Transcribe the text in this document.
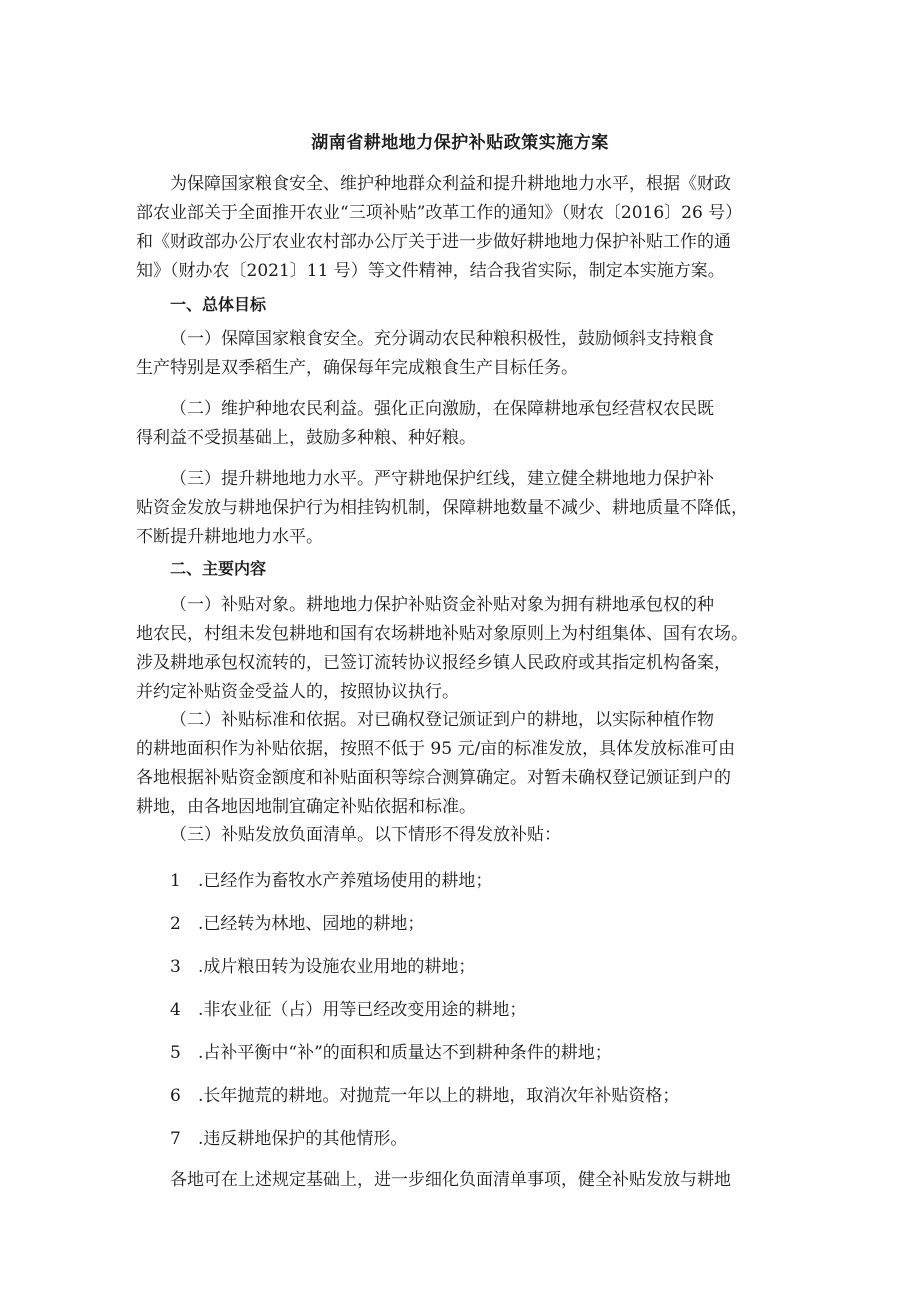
湖南省耕地地力保护补贴政策实施方案
为保障国家粮食安全、维护种地群众利益和提升耕地地力水平，根据《财政
部农业部关于全面推开农业“三项补贴”改革工作的通知》（财农〔2016〕26 号）
和《财政部办公厅农业农村部办公厅关于进一步做好耕地地力保护补贴工作的通
知》（财办农〔2021〕11 号）等文件精神，结合我省实际，制定本实施方案。
一、总体目标
（一）保障国家粮食安全。充分调动农民种粮积极性，鼓励倾斜支持粮食
生产特别是双季稻生产，确保每年完成粮食生产目标任务。
（二）维护种地农民利益。强化正向激励，在保障耕地承包经营权农民既
得利益不受损基础上，鼓励多种粮、种好粮。
（三）提升耕地地力水平。严守耕地保护红线，建立健全耕地地力保护补
贴资金发放与耕地保护行为相挂钩机制，保障耕地数量不减少、耕地质量不降低，
不断提升耕地地力水平。
二、主要内容
（一）补贴对象。耕地地力保护补贴资金补贴对象为拥有耕地承包权的种
地农民，村组未发包耕地和国有农场耕地补贴对象原则上为村组集体、国有农场。
涉及耕地承包权流转的，已签订流转协议报经乡镇人民政府或其指定机构备案，
并约定补贴资金受益人的，按照协议执行。
（二）补贴标准和依据。对已确权登记颁证到户的耕地，以实际种植作物
的耕地面积作为补贴依据，按照不低于 95 元/亩的标准发放，具体发放标准可由
各地根据补贴资金额度和补贴面积等综合测算确定。对暂未确权登记颁证到户的
耕地，由各地因地制宜确定补贴依据和标准。
（三）补贴发放负面清单。以下情形不得发放补贴：
1 .已经作为畜牧水产养殖场使用的耕地；
2 .已经转为林地、园地的耕地；
3 .成片粮田转为设施农业用地的耕地；
4 .非农业征（占）用等已经改变用途的耕地；
5 .占补平衡中“补”的面积和质量达不到耕种条件的耕地；
6 .长年抛荒的耕地。对抛荒一年以上的耕地，取消次年补贴资格；
7 .违反耕地保护的其他情形。
各地可在上述规定基础上，进一步细化负面清单事项，健全补贴发放与耕地
